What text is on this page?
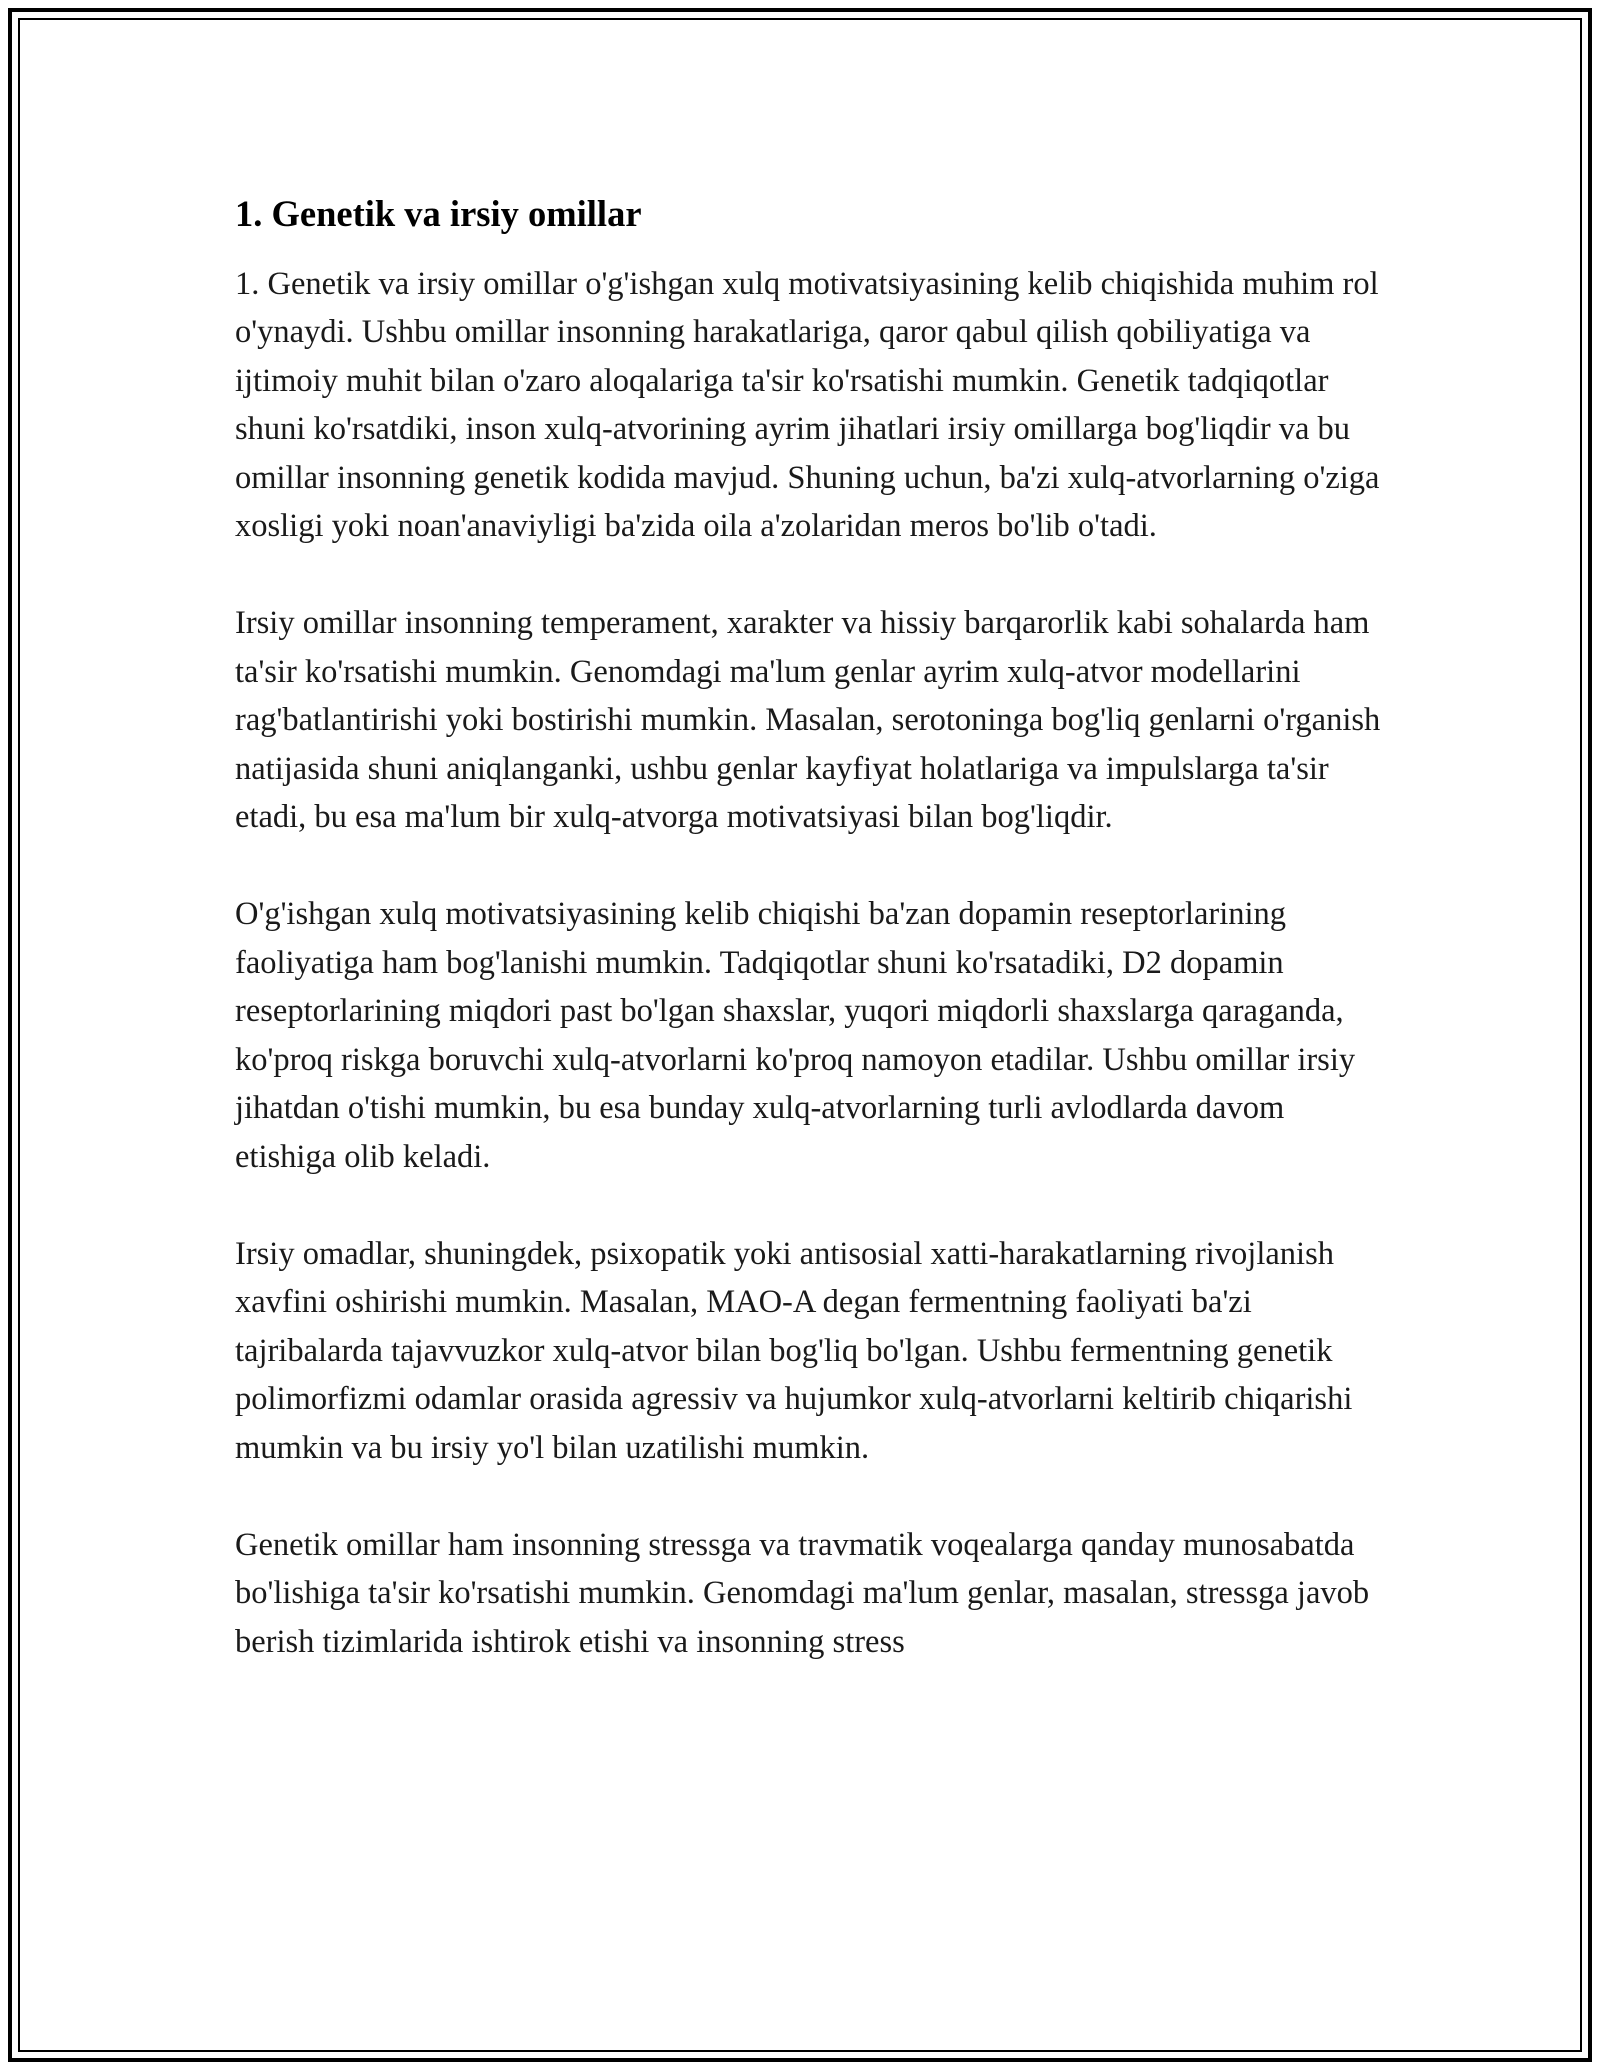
1. Genetik va irsiy omillar

1. Genetik va irsiy omillar o'g'ishgan xulq motivatsiyasining kelib chiqishida muhim rol o'ynaydi. Ushbu omillar insonning harakatlariga, qaror qabul qilish qobiliyatiga va ijtimoiy muhit bilan o'zaro aloqalariga ta'sir ko'rsatishi mumkin. Genetik tadqiqotlar shuni ko'rsatdiki, inson xulq-atvorining ayrim jihatlari irsiy omillarga bog'liqdir va bu omillar insonning genetik kodida mavjud. Shuning uchun, ba'zi xulq-atvorlarning o'ziga xosligi yoki noan'anaviyligi ba'zida oila a'zolaridan meros bo'lib o'tadi.

Irsiy omillar insonning temperament, xarakter va hissiy barqarorlik kabi sohalarda ham ta'sir ko'rsatishi mumkin. Genomdagi ma'lum genlar ayrim xulq-atvor modellarini rag'batlantirishi yoki bostirishi mumkin. Masalan, serotoninga bog'liq genlarni o'rganish natijasida shuni aniqlanganki, ushbu genlar kayfiyat holatlariga va impulslarga ta'sir etadi, bu esa ma'lum bir xulq-atvorga motivatsiyasi bilan bog'liqdir.

O'g'ishgan xulq motivatsiyasining kelib chiqishi ba'zan dopamin reseptorlarining faoliyatiga ham bog'lanishi mumkin. Tadqiqotlar shuni ko'rsatadiki, D2 dopamin reseptorlarining miqdori past bo'lgan shaxslar, yuqori miqdorli shaxslarga qaraganda, ko'proq riskga boruvchi xulq-atvorlarni ko'proq namoyon etadilar. Ushbu omillar irsiy jihatdan o'tishi mumkin, bu esa bunday xulq-atvorlarning turli avlodlarda davom etishiga olib keladi.

Irsiy omadlar, shuningdek, psixopatik yoki antisosial xatti-harakatlarning rivojlanish xavfini oshirishi mumkin. Masalan, MAO-A degan fermentning faoliyati ba'zi tajribalarda tajavvuzkor xulq-atvor bilan bog'liq bo'lgan. Ushbu fermentning genetik polimorfizmi odamlar orasida agressiv va hujumkor xulq-atvorlarni keltirib chiqarishi mumkin va bu irsiy yo'l bilan uzatilishi mumkin.

Genetik omillar ham insonning stressga va travmatik voqealarga qanday munosabatda bo'lishiga ta'sir ko'rsatishi mumkin. Genomdagi ma'lum genlar, masalan, stressga javob berish tizimlarida ishtirok etishi va insonning stress
